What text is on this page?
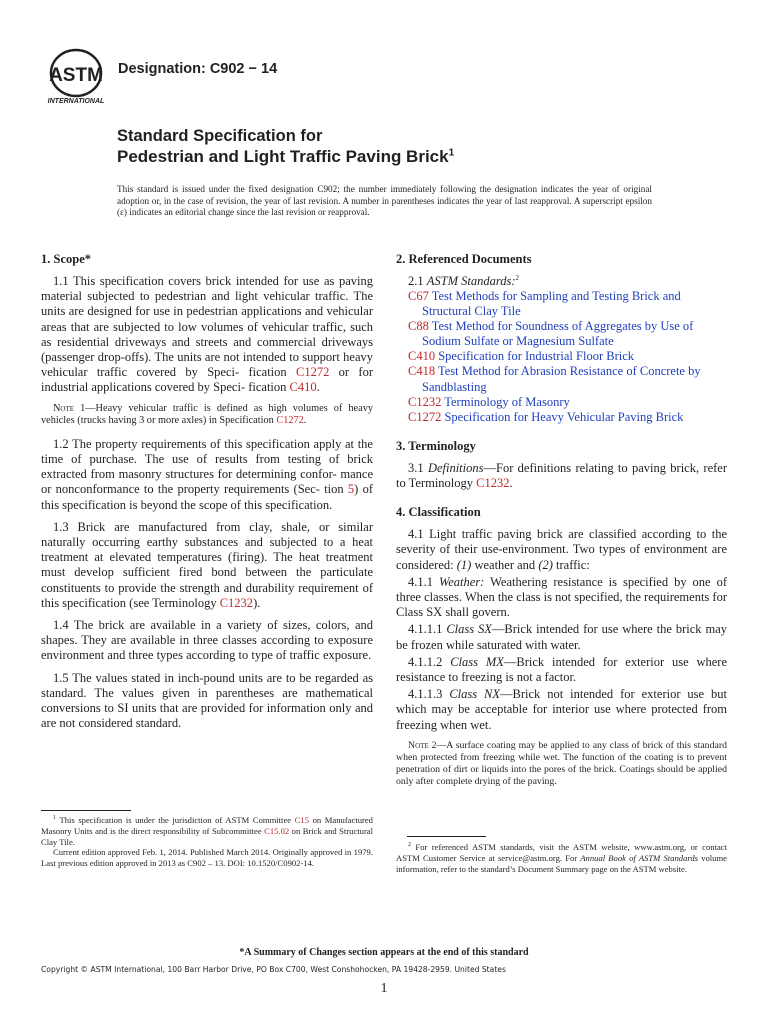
ASTM
INTERNATIONAL
Designation: C902 − 14
Standard Specification for
Pedestrian and Light Traffic Paving Brick$^1$
This standard is issued under the fixed designation C902; the number immediately following the designation indicates the year of original adoption or, in the case of revision, the year of last revision. A number in parentheses indicates the year of last reapproval. A superscript epsilon (ε) indicates an editorial change since the last revision or reapproval.
1. Scope*

1.1 This specification covers brick intended for use as paving material subjected to pedestrian and light vehicular traffic. The units are designed for use in pedestrian applications and vehicular areas that are subjected to low volumes of vehicular traffic, such as residential driveways and streets and commercial driveways (passenger drop-offs). The units are not intended to support heavy vehicular traffic covered by Speci- fication C1272 or for industrial applications covered by Speci- fication C410.

Note 1—Heavy vehicular traffic is defined as high volumes of heavy vehicles (trucks having 3 or more axles) in Specification C1272.

1.2 The property requirements of this specification apply at the time of purchase. The use of results from testing of brick extracted from masonry structures for determining confor- mance or nonconformance to the property requirements (Sec- tion 5) of this specification is beyond the scope of this specification.

1.3 Brick are manufactured from clay, shale, or similar naturally occurring earthy substances and subjected to a heat treatment at elevated temperatures (firing). The heat treatment must develop sufficient fired bond between the particulate constituents to provide the strength and durability requirement of this specification (see Terminology C1232).

1.4 The brick are available in a variety of sizes, colors, and shapes. They are available in three classes according to exposure environment and three types according to type of traffic exposure.

1.5 The values stated in inch-pound units are to be regarded as standard. The values given in parentheses are mathematical conversions to SI units that are provided for information only and are not considered standard.

$^1$ This specification is under the jurisdiction of ASTM Committee C15 on Manufactured Masonry Units and is the direct responsibility of Subcommittee C15.02 on Brick and Structural Clay Tile.

Current edition approved Feb. 1, 2014. Published March 2014. Originally approved in 1979. Last previous edition approved in 2013 as C902 – 13. DOI: 10.1520/C0902-14.

2. Referenced Documents
2.1 ASTM Standards:$^2$
C67 Test Methods for Sampling and Testing Brick and Structural Clay Tile
C88 Test Method for Soundness of Aggregates by Use of Sodium Sulfate or Magnesium Sulfate
C410 Specification for Industrial Floor Brick
C418 Test Method for Abrasion Resistance of Concrete by Sandblasting
C1232 Terminology of Masonry
C1272 Specification for Heavy Vehicular Paving Brick
3. Terminology

3.1 Definitions—For definitions relating to paving brick, refer to Terminology C1232.

4. Classification

4.1 Light traffic paving brick are classified according to the severity of their use-environment. Two types of environment are considered: (1) weather and (2) traffic:

4.1.1 Weather: Weathering resistance is specified by one of three classes. When the class is not specified, the requirements for Class SX shall govern.

4.1.1.1 Class SX—Brick intended for use where the brick may be frozen while saturated with water.

4.1.1.2 Class MX—Brick intended for exterior use where resistance to freezing is not a factor.

4.1.1.3 Class NX—Brick not intended for exterior use but which may be acceptable for interior use where protected from freezing when wet.

Note 2—A surface coating may be applied to any class of brick of this standard when protected from freezing while wet. The function of the coating is to prevent penetration of dirt or liquids into the pores of the brick. Coatings should be applied only after complete drying of the paving.

$^2$ For referenced ASTM standards, visit the ASTM website, www.astm.org, or contact ASTM Customer Service at service@astm.org. For Annual Book of ASTM Standards volume information, refer to the standard’s Document Summary page on the ASTM website.

*A Summary of Changes section appears at the end of this standard
Copyright © ASTM International, 100 Barr Harbor Drive, PO Box C700, West Conshohocken, PA 19428-2959. United States
1
